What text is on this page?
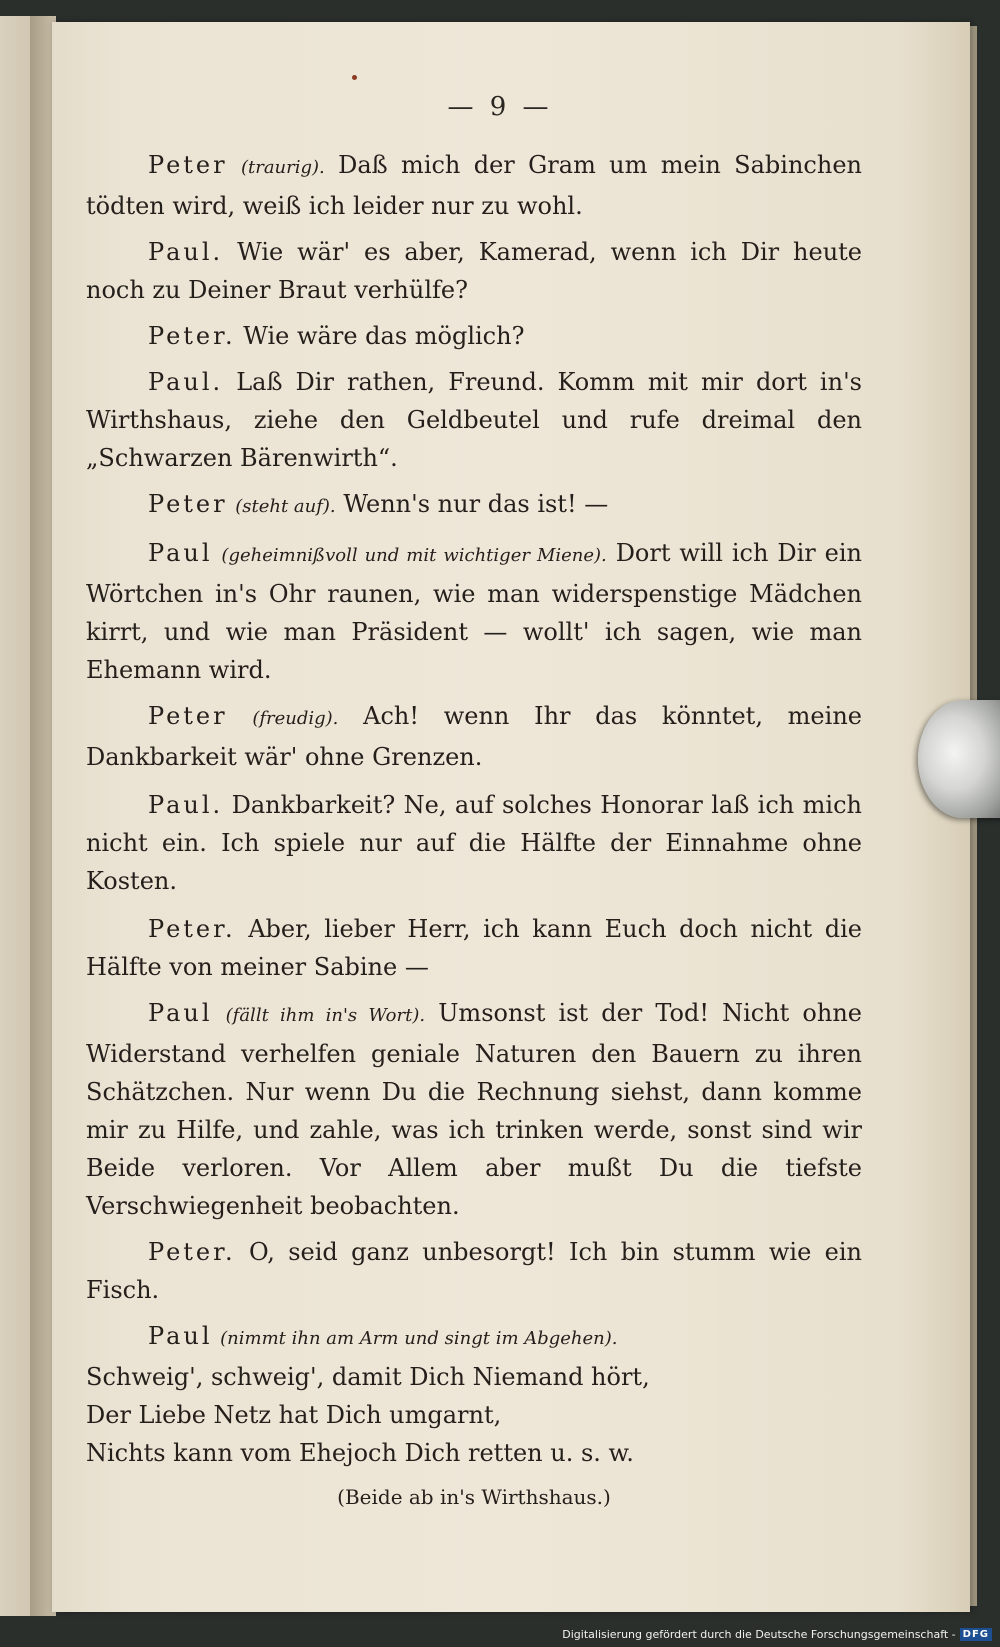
— 9 —

Peter (traurig). Daß mich der Gram um mein Sabinchen tödten wird, weiß ich leider nur zu wohl.

Paul. Wie wär' es aber, Kamerad, wenn ich Dir heute noch zu Deiner Braut verhülfe?

Peter. Wie wäre das möglich?

Paul. Laß Dir rathen, Freund. Komm mit mir dort in's Wirthshaus, ziehe den Geldbeutel und rufe dreimal den „Schwarzen Bärenwirth“.

Peter (steht auf). Wenn's nur das ist! —

Paul (geheimnißvoll und mit wichtiger Miene). Dort will ich Dir ein Wörtchen in's Ohr raunen, wie man widerspenstige Mädchen kirrt, und wie man Präsident — wollt' ich sagen, wie man Ehemann wird.

Peter (freudig). Ach! wenn Ihr das könntet, meine Dankbarkeit wär' ohne Grenzen.

Paul. Dankbarkeit? Ne, auf solches Honorar laß ich mich nicht ein. Ich spiele nur auf die Hälfte der Einnahme ohne Kosten.

Peter. Aber, lieber Herr, ich kann Euch doch nicht die Hälfte von meiner Sabine —

Paul (fällt ihm in's Wort). Umsonst ist der Tod! Nicht ohne Widerstand verhelfen geniale Naturen den Bauern zu ihren Schätzchen. Nur wenn Du die Rechnung siehst, dann komme mir zu Hilfe, und zahle, was ich trinken werde, sonst sind wir Beide verloren. Vor Allem aber mußt Du die tiefste Verschwiegenheit beobachten.

Peter. O, seid ganz unbesorgt! Ich bin stumm wie ein Fisch.

Paul (nimmt ihn am Arm und singt im Abgehen).

Schweig', schweig', damit Dich Niemand hört,

Der Liebe Netz hat Dich umgarnt,

Nichts kann vom Ehejoch Dich retten u. s. w.

(Beide ab in's Wirthshaus.)

Digitalisierung gefördert durch die Deutsche Forschungsgemeinschaft - DFG
